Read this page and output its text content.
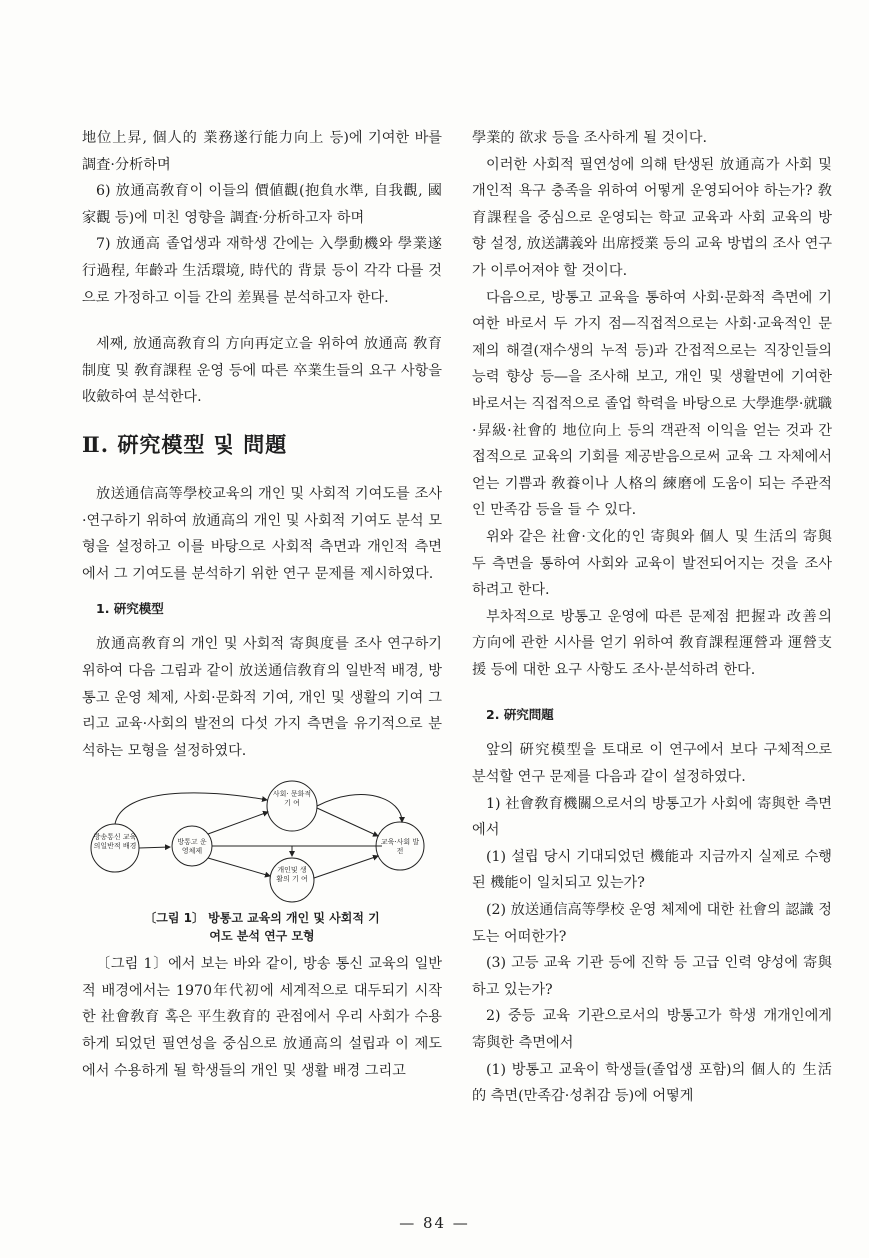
地位上昇, 個人的 業務遂行能力向上 등)에 기여한 바를 調査·分析하며

6) 放通高敎育이 이들의 價値觀(抱負水準, 自我觀, 國家觀 등)에 미친 영향을 調査·分析하고자 하며

7) 放通高 졸업생과 재학생 간에는 入學動機와 學業遂行過程, 年齡과 生活環境, 時代的 背景 등이 각각 다를 것으로 가정하고 이들 간의 差異를 분석하고자 한다.

세째, 放通高敎育의 方向再定立을 위하여 放通高 敎育制度 및 敎育課程 운영 등에 따른 卒業生들의 요구 사항을 收斂하여 분석한다.

Ⅱ. 硏究模型 및 問題

放送通信高等學校교육의 개인 및 사회적 기여도를 조사·연구하기 위하여 放通高의 개인 및 사회적 기여도 분석 모형을 설정하고 이를 바탕으로 사회적 측면과 개인적 측면에서 그 기여도를 분석하기 위한 연구 문제를 제시하였다.

1. 硏究模型

放通高敎育의 개인 및 사회적 寄與度를 조사 연구하기 위하여 다음 그림과 같이 放送通信敎育의 일반적 배경, 방통고 운영 체제, 사회·문화적 기여, 개인 및 생활의 기여 그리고 교육·사회의 발전의 다섯 가지 측면을 유기적으로 분석하는 모형을 설정하였다.

방송통신 교육의일반적 배경	방통고 운영체제
사회· 문화적 기 여
개인및 생활의 기 여
교육·사회 발 전
〔그림 1〕 방통고 교육의 개인 및 사회적 기
여도 분석 연구 모형

〔그림 1〕에서 보는 바와 같이, 방송 통신 교육의 일반적 배경에서는 1970年代初에 세계적으로 대두되기 시작한 社會敎育 혹은 平生敎育的 관점에서 우리 사회가 수용하게 되었던 필연성을 중심으로 放通高의 설립과 이 제도에서 수용하게 될 학생들의 개인 및 생활 배경 그리고

學業的 欲求 등을 조사하게 될 것이다.

이러한 사회적 필연성에 의해 탄생된 放通高가 사회 및 개인적 욕구 충족을 위하여 어떻게 운영되어야 하는가? 敎育課程을 중심으로 운영되는 학교 교육과 사회 교육의 방향 설정, 放送講義와 出席授業 등의 교육 방법의 조사 연구가 이루어져야 할 것이다.

다음으로, 방통고 교육을 통하여 사회·문화적 측면에 기여한 바로서 두 가지 점—직접적으로는 사회·교육적인 문제의 해결(재수생의 누적 등)과 간접적으로는 직장인들의 능력 향상 등—을 조사해 보고, 개인 및 생활면에 기여한 바로서는 직접적으로 졸업 학력을 바탕으로 大學進學·就職·昇級·社會的 地位向上 등의 객관적 이익을 얻는 것과 간접적으로 교육의 기회를 제공받음으로써 교육 그 자체에서 얻는 기쁨과 敎養이나 人格의 練磨에 도움이 되는 주관적인 만족감 등을 들 수 있다.

위와 같은 社會·文化的인 寄與와 個人 및 生活의 寄與 두 측면을 통하여 사회와 교육이 발전되어지는 것을 조사하려고 한다.

부차적으로 방통고 운영에 따른 문제점 把握과 改善의 方向에 관한 시사를 얻기 위하여 敎育課程運營과 運營支援 등에 대한 요구 사항도 조사·분석하려 한다.

2. 硏究問題

앞의 硏究模型을 토대로 이 연구에서 보다 구체적으로 분석할 연구 문제를 다음과 같이 설정하였다.

1) 社會敎育機關으로서의 방통고가 사회에 寄與한 측면에서

(1) 설립 당시 기대되었던 機能과 지금까지 실제로 수행된 機能이 일치되고 있는가?

(2) 放送通信高等學校 운영 체제에 대한 社會의 認識 정도는 어떠한가?

(3) 고등 교육 기관 등에 진학 등 고급 인력 양성에 寄與하고 있는가?

2) 중등 교육 기관으로서의 방통고가 학생 개개인에게 寄與한 측면에서

(1) 방통고 교육이 학생들(졸업생 포함)의 個人的 生活的 측면(만족감·성취감 등)에 어떻게

— 84 —
